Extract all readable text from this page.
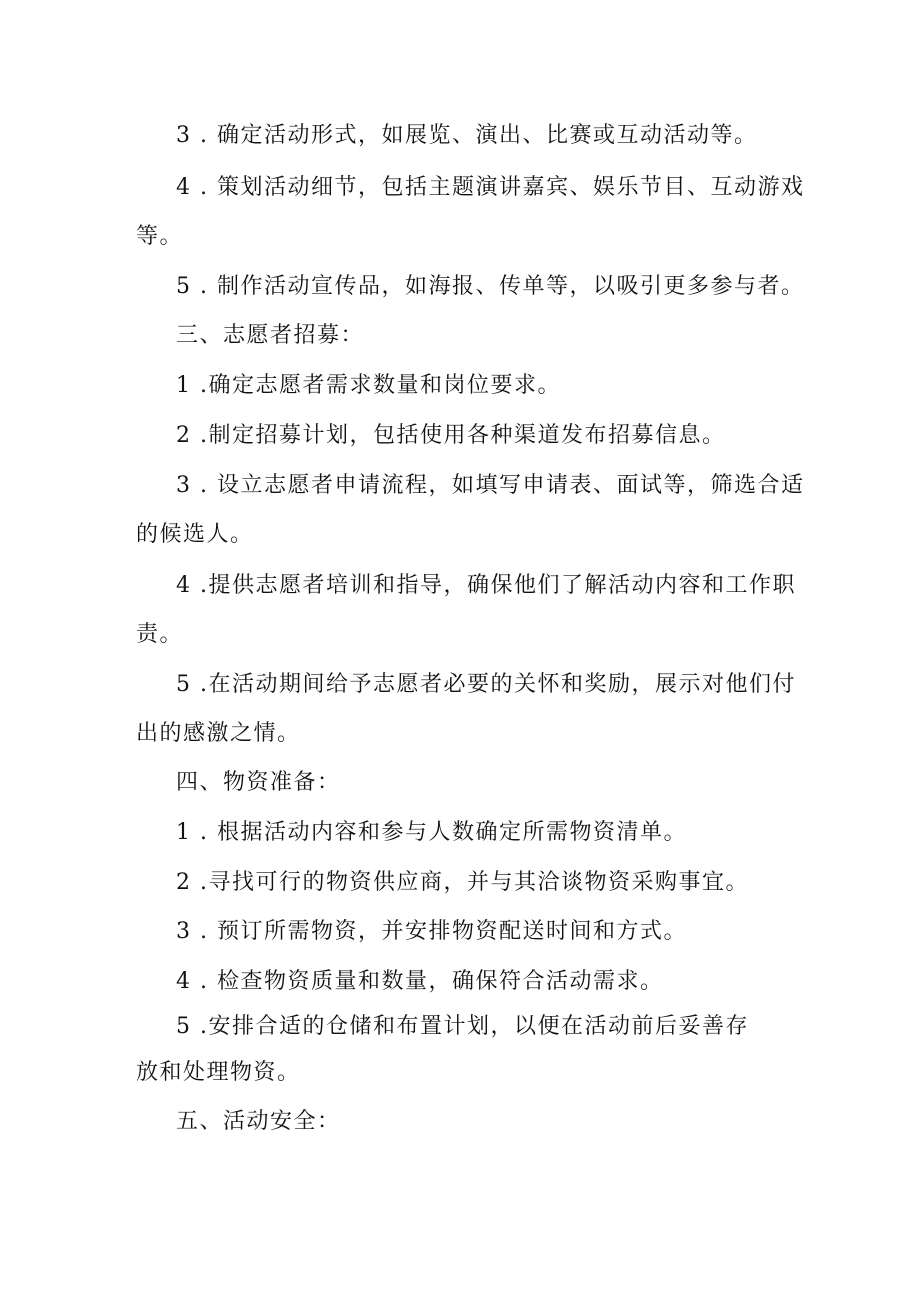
3 . 确定活动形式，如展览、演出、比赛或互动活动等。
4 . 策划活动细节，包括主题演讲嘉宾、娱乐节目、互动游戏
等。
5 . 制作活动宣传品，如海报、传单等，以吸引更多参与者。
三、志愿者招募：
1 .确定志愿者需求数量和岗位要求。
2 .制定招募计划，包括使用各种渠道发布招募信息。
3 . 设立志愿者申请流程，如填写申请表、面试等，筛选合适
的候选人。
4 .提供志愿者培训和指导，确保他们了解活动内容和工作职
责。
5 .在活动期间给予志愿者必要的关怀和奖励，展示对他们付
出的感激之情。
四、物资准备：
1 . 根据活动内容和参与人数确定所需物资清单。
2 .寻找可行的物资供应商，并与其洽谈物资采购事宜。
3 . 预订所需物资，并安排物资配送时间和方式。
4 . 检查物资质量和数量，确保符合活动需求。
5 .安排合适的仓储和布置计划，以便在活动前后妥善存
放和处理物资。
五、活动安全：
